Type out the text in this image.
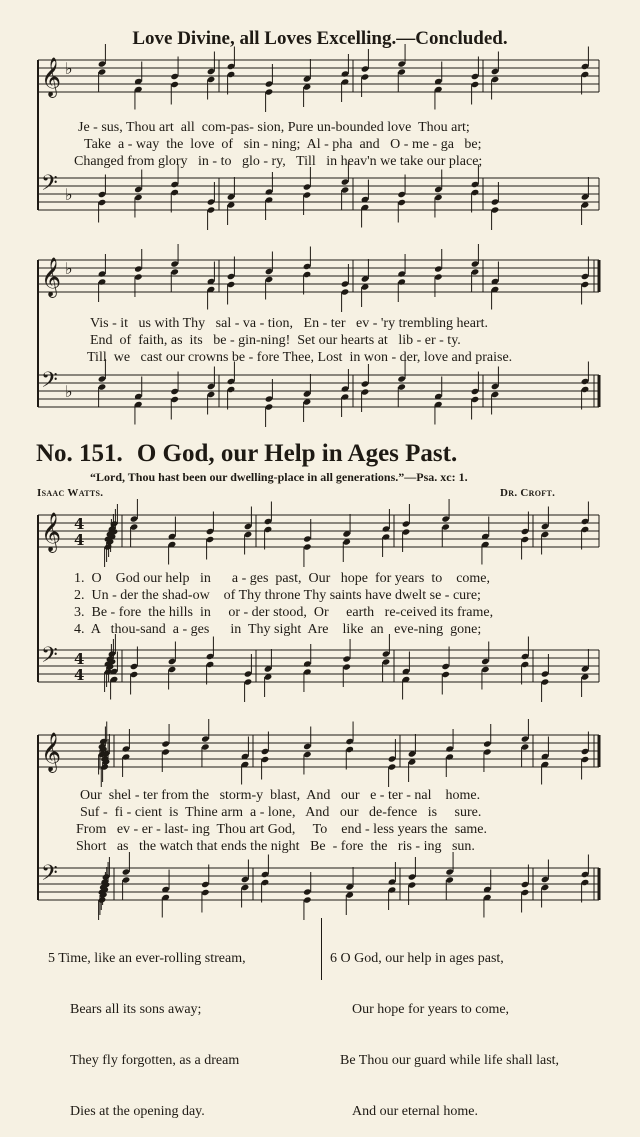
Love Divine, all Loves Excelling.—Concluded.
𝄞 ♭
𝄢 ♭
𝄞 ♭
𝄢 ♭
𝄞 4
4
𝄢 4
4
𝄞
𝄢
Je - sus, Thou art  all  com-pas- sion, Pure un-bounded love  Thou art;
Take  a - way  the  love  of   sin - ning;  Al - pha  and   O - me - ga   be;
Changed from glory   in - to   glo - ry,   Till   in heav'n we take our place;
Vis - it   us with Thy   sal - va - tion,   En - ter   ev - 'ry trembling heart.
End  of  faith, as  its   be - gin-ning!  Set our hearts at   lib - er - ty.
Till  we   cast our crowns be - fore Thee, Lost  in won - der, love and praise.
No. 151. O God, our Help in Ages Past.
“Lord, Thou hast been our dwelling-place in all generations.”—Psa. xc: 1.
Isaac Watts.	Dr. Croft.
1.  O    God our help   in      a - ges  past,  Our   hope  for years  to    come,
2.  Un - der the shad-ow    of Thy throne Thy saints have dwelt se - cure;
3.  Be - fore  the hills  in     or - der stood,  Or     earth   re-ceived its frame,
4.  A   thou-sand  a - ges      in  Thy sight  Are    like  an   eve-ning  gone;
Our  shel - ter from the   storm-y  blast,  And   our   e - ter - nal    home.
Suf -  fi - cient  is  Thine arm  a - lone,   And   our   de-fence   is     sure.
From   ev - er - last- ing  Thou art God,     To    end - less years the  same.
Short   as   the watch that ends the night   Be  - fore  the   ris - ing   sun.

5 Time, like an ever-rolling stream,

Bears all its sons away;

They fly forgotten, as a dream

Dies at the opening day.

6 O God, our help in ages past,

Our hope for years to come,

Be Thou our guard while life shall last,

And our eternal home.
